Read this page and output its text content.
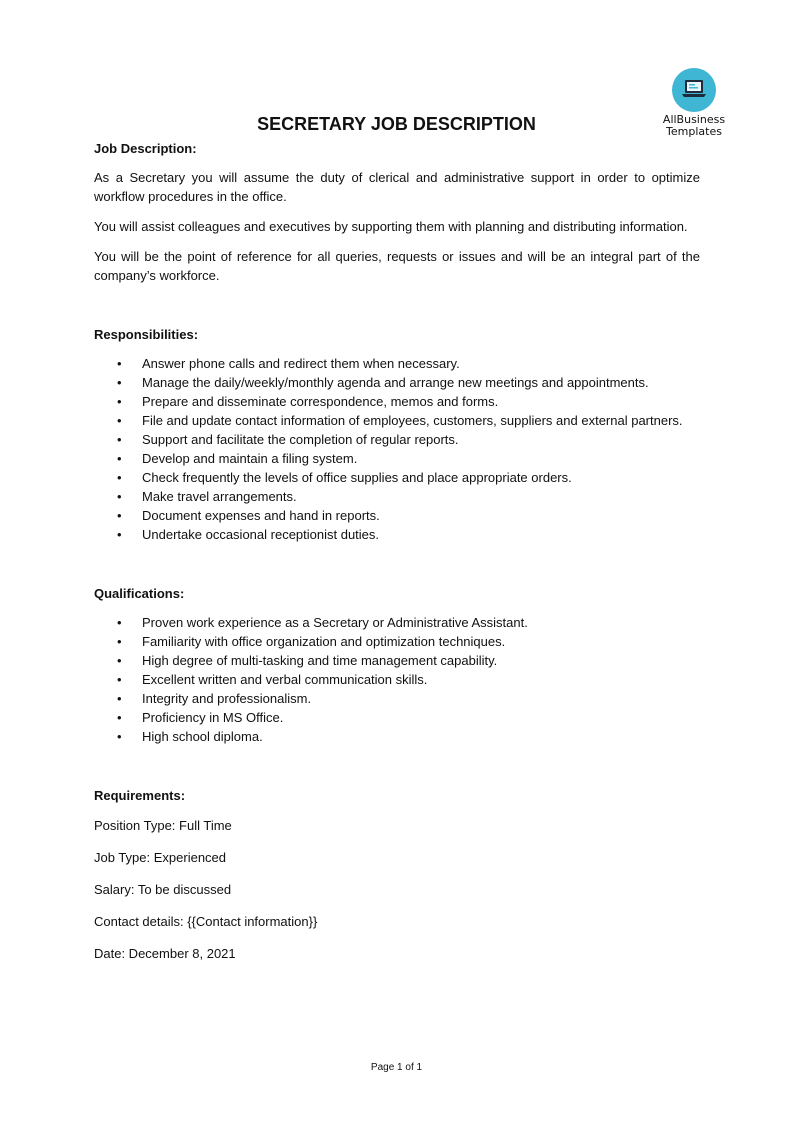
AllBusiness
Templates
SECRETARY JOB DESCRIPTION

Job Description:

As a Secretary you will assume the duty of clerical and administrative support in order to optimize workflow procedures in the office.

You will assist colleagues and executives by supporting them with planning and distributing information.

You will be the point of reference for all queries, requests or issues and will be an integral part of the company’s workforce.

Responsibilities:

• Answer phone calls and redirect them when necessary.
• Manage the daily/weekly/monthly agenda and arrange new meetings and appointments.
• Prepare and disseminate correspondence, memos and forms.
• File and update contact information of employees, customers, suppliers and external partners.
• Support and facilitate the completion of regular reports.
• Develop and maintain a filing system.
• Check frequently the levels of office supplies and place appropriate orders.
• Make travel arrangements.
• Document expenses and hand in reports.
• Undertake occasional receptionist duties.

Qualifications:

• Proven work experience as a Secretary or Administrative Assistant.
• Familiarity with office organization and optimization techniques.
• High degree of multi-tasking and time management capability.
• Excellent written and verbal communication skills.
• Integrity and professionalism.
• Proficiency in MS Office.
• High school diploma.

Requirements:

Position Type: Full Time

Job Type: Experienced

Salary: To be discussed

Contact details: {{Contact information}}

Date: December 8, 2021

Page 1 of 1
